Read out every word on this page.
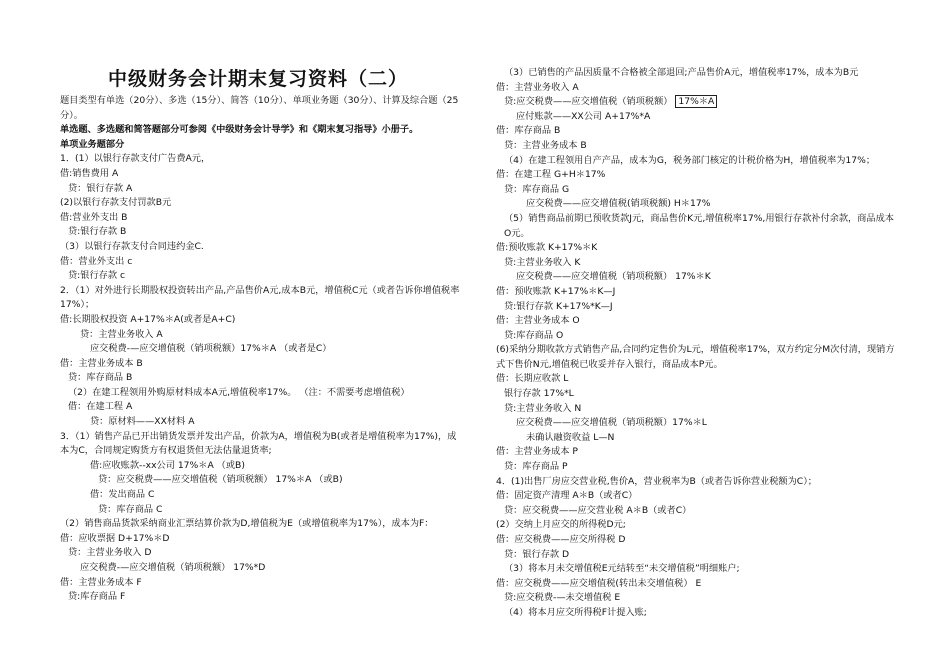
中级财务会计期末复习资料（二）
题目类型有单选（20分）、多选（15分）、简答（10分）、单项业务题（30分）、计算及综合题（25分）。
单选题、多选题和简答题部分可参阅《中级财务会计导学》和《期末复习指导》小册子。
单项业务题部分
1．(1）以银行存款支付广告费A元，
借:销售费用 A
贷：银行存款 A
(2)以银行存款支付罚款B元
借:营业外支出 B
贷:银行存款 B
（3）以银行存款支付合同违约金C.
借：营业外支出 c
贷:银行存款 c
2．（1）对外进行长期股权投资转出产品,产品售价A元,成本B元，增值税C元（或者告诉你增值税率17%）；
借:长期股权投资 A+17%＊A(或者是A+C)
贷：主营业务收入 A
应交税费-—应交增值税（销项税额）17%＊A （或者是C）
借：主营业务成本 B
贷：库存商品 B
（2）在建工程领用外购原材料成本A元,增值税率17%。 （注：不需要考虑增值税）
借：在建工程 A
贷：原材料——XX材料 A
3．（1）销售产品已开出销货发票并发出产品，价款为A，增值税为B(或者是增值税率为17%)，成本为C，合同规定购货方有权退货但无法估量退货率;
借:应收账款--xx公司 17%＊A （或B)
贷：应交税费——应交增值税（销项税额） 17%＊A （或B)
借：发出商品 C
贷：库存商品 C
（2）销售商品货款采纳商业汇票结算价款为D,增值税为E（或增值税率为17%），成本为F：
借：应收票据 D+17%＊D
贷：主营业务收入 D
应交税费-—应交增值税（销项税额） 17%*D
借：主营业务成本 F
贷:库存商品 F
（3）已销售的产品因质量不合格被全部退回;产品售价A元，增值税率17%，成本为B元
借：主营业务收入 A
贷:应交税费——应交增值税（销项税额） 17%＊A
应付账款——XX公司 A+17%*A
借：库存商品 B
贷：主营业务成本 B
（4）在建工程领用自产产品，成本为G，税务部门核定的计税价格为H，增值税率为17%；
借：在建工程 G+H＊17%
贷：库存商品 G
应交税费——应交增值税(销项税额) H＊17%
（5）销售商品前期已预收货款J元，商品售价K元,增值税率17%,用银行存款补付余款，商品成本O元。
借:预收账款 K+17%＊K
贷:主营业务收入 K
应交税费——应交增值税（销项税额） 17%＊K
借：预收账款 K+17%＊K—J
贷:银行存款 K+17%*K—J
借：主营业务成本 O
贷:库存商品 O
(6)采纳分期收款方式销售产品,合同约定售价为L元，增值税率17%，双方约定分M次付清，现销方式下售价N元,增值税已收妥并存入银行，商品成本P元。
借：长期应收款 L
银行存款 17%*L
贷:主营业务收入 N
应交税费——应交增值税（销项税额）17%＊L
未确认融资收益 L—N
借：主营业务成本 P
贷：库存商品 P
4．(1)出售厂房应交营业税,售价A，营业税率为B（或者告诉你营业税额为C）；
借：固定资产清理 A＊B（或者C）
贷：应交税费——应交营业税 A＊B（或者C）
(2）交纳上月应交的所得税D元;
借：应交税费——应交所得税 D
贷：银行存款 D
（3）将本月未交增值税E元结转至“未交增值税”明细账户;
借：应交税费——应交增值税(转出未交增值税） E
贷:应交税费-—未交增值税 E
（4）将本月应交所得税F计提入账;
